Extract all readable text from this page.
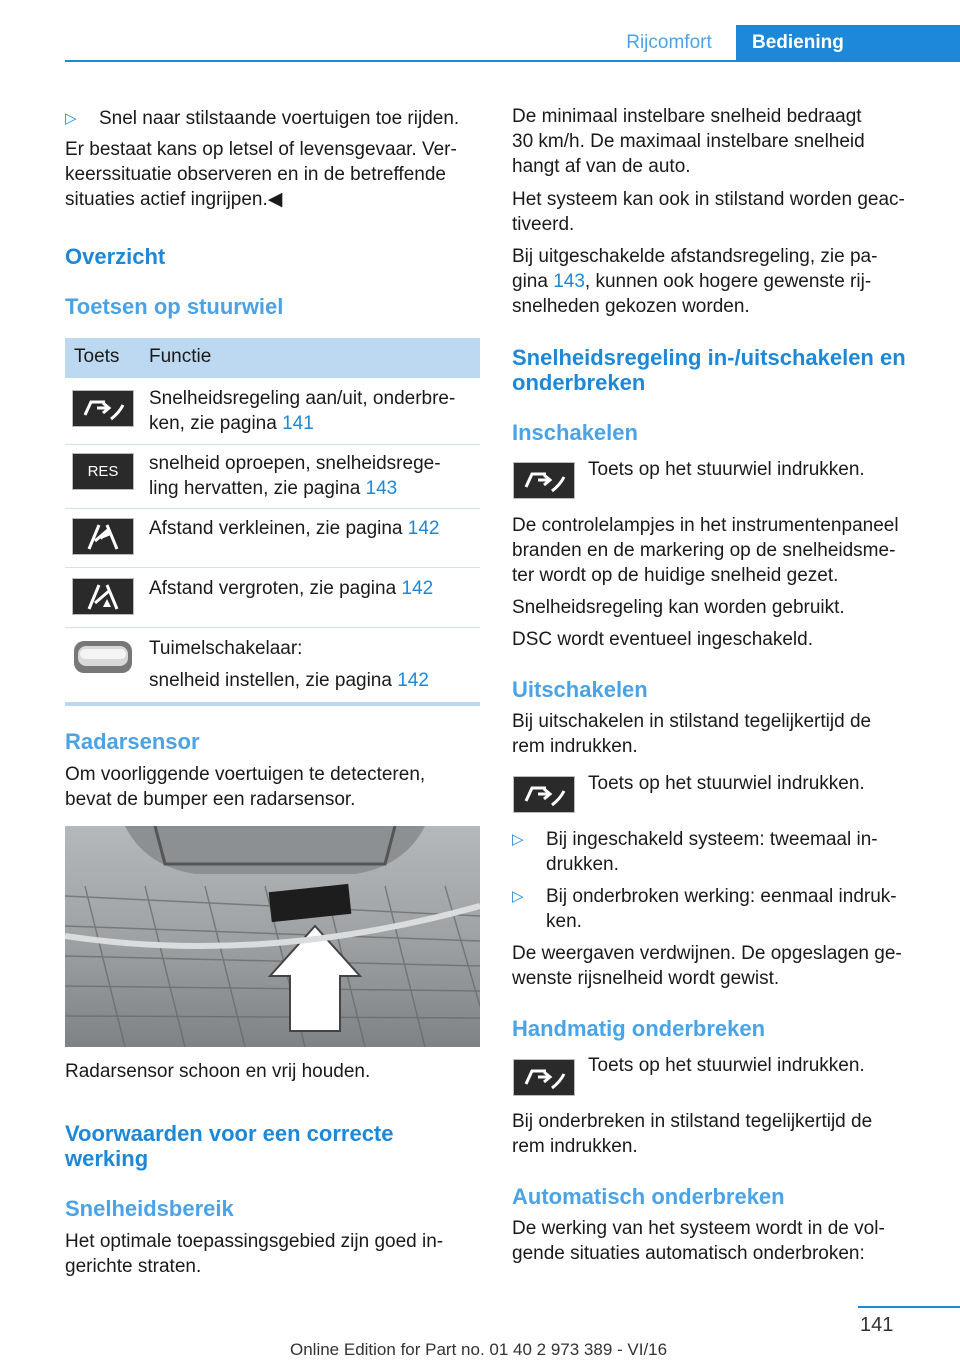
Rijcomfort	Bediening
▷ Snel naar stilstaande voertuigen toe rijden.
Er bestaat kans op letsel of levensgevaar. Ver-
keerssituatie observeren en in de betreffende
situaties actief ingrijpen.◀
Overzicht
Toetsen op stuurwiel
Toets Functie
Snelheidsregeling aan/uit, onderbre-
ken, zie pagina 141
RES	snelheid oproepen, snelheidsrege-
ling hervatten, zie pagina 143
Afstand verkleinen, zie pagina 142
Afstand vergroten, zie pagina 142
Tuimelschakelaar:
snelheid instellen, zie pagina 142
Radarsensor
Om voorliggende voertuigen te detecteren,
bevat de bumper een radarsensor.
Radarsensor schoon en vrij houden.
Voorwaarden voor een correcte
werking
Snelheidsbereik
Het optimale toepassingsgebied zijn goed in-
gerichte straten.
De minimaal instelbare snelheid bedraagt
30 km/h. De maximaal instelbare snelheid
hangt af van de auto.
Het systeem kan ook in stilstand worden geac-
tiveerd.
Bij uitgeschakelde afstandsregeling, zie pa-
gina 143, kunnen ook hogere gewenste rij-
snelheden gekozen worden.
Snelheidsregeling in-/uitschakelen en
onderbreken
Inschakelen
Toets op het stuurwiel indrukken.
De controlelampjes in het instrumentenpaneel
branden en de markering op de snelheidsme-
ter wordt op de huidige snelheid gezet.
Snelheidsregeling kan worden gebruikt.
DSC wordt eventueel ingeschakeld.
Uitschakelen
Bij uitschakelen in stilstand tegelijkertijd de
rem indrukken.
Toets op het stuurwiel indrukken.
▷ Bij ingeschakeld systeem: tweemaal in-
drukken.
▷ Bij onderbroken werking: eenmaal indruk-
ken.
De weergaven verdwijnen. De opgeslagen ge-
wenste rijsnelheid wordt gewist.
Handmatig onderbreken
Toets op het stuurwiel indrukken.
Bij onderbreken in stilstand tegelijkertijd de
rem indrukken.
Automatisch onderbreken
De werking van het systeem wordt in de vol-
gende situaties automatisch onderbroken:
141
Online Edition for Part no. 01 40 2 973 389 - VI/16
